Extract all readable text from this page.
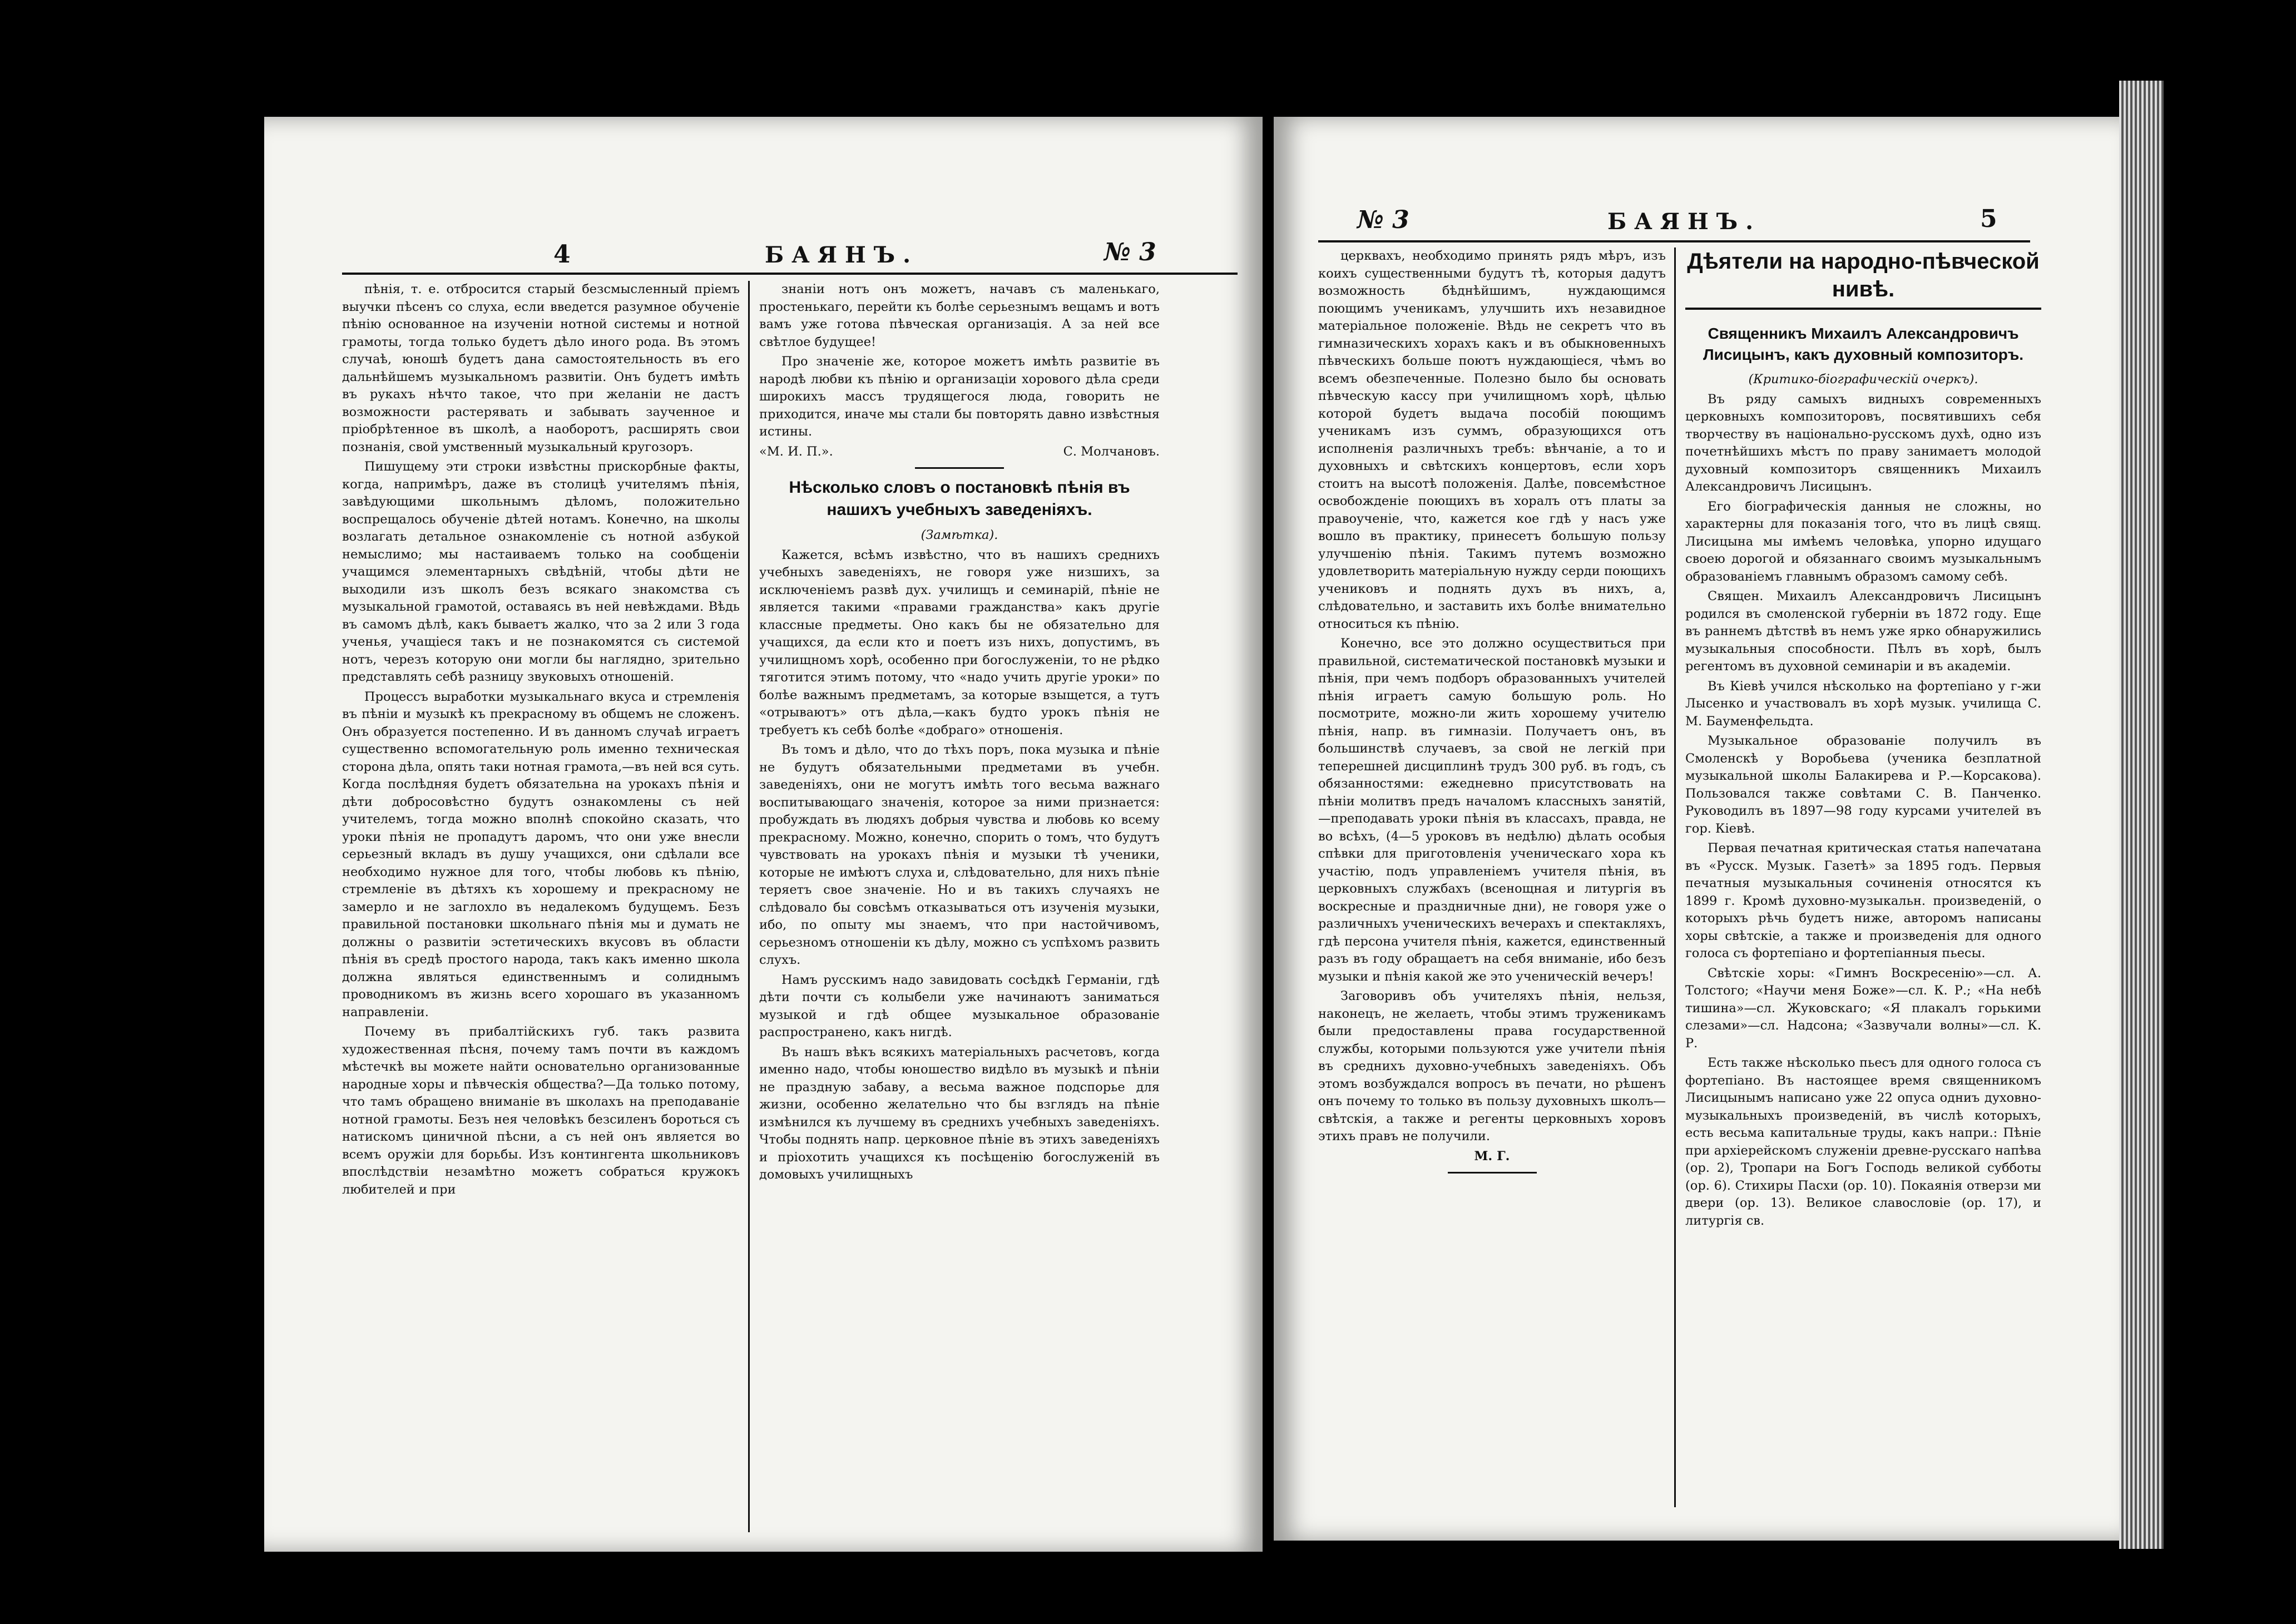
4	БАЯНЪ.	№ 3

пѣнія, т. е. отбросится старый безсмысленный пріемъ выучки пѣсенъ со слуха, если введется разумное обученіе пѣнію основанное на изученіи нотной системы и нотной грамоты, тогда только будетъ дѣло иного рода. Въ этомъ случаѣ, юношѣ будетъ дана самостоятельность въ его дальнѣйшемъ музыкальномъ развитіи. Онъ будетъ имѣть въ рукахъ нѣчто такое, что при желаніи не дастъ возможности растерявать и забывать заученное и пріобрѣтенное въ школѣ, а наоборотъ, расширять свои познанія, свой умственный музыкальный кругозоръ.

Пишущему эти строки извѣстны прискорбные факты, когда, напримѣръ, даже въ столицѣ учителямъ пѣнія, завѣдующими школьнымъ дѣломъ, положительно воспрещалось обученіе дѣтей нотамъ. Конечно, на школы возлагать детальное ознакомленіе съ нотной азбукой немыслимо; мы настаиваемъ только на сообщеніи учащимся элементарныхъ свѣдѣній, чтобы дѣти не выходили изъ школъ безъ всякаго знакомства съ музыкальной грамотой, оставаясь въ ней невѣждами. Вѣдь въ самомъ дѣлѣ, какъ бываетъ жалко, что за 2 или 3 года ученья, учащіеся такъ и не познакомятся съ системой нотъ, черезъ которую они могли бы наглядно, зрительно представлять себѣ разницу звуковыхъ отношеній.

Процессъ выработки музыкальнаго вкуса и стремленія въ пѣніи и музыкѣ къ прекрасному въ общемъ не сложенъ. Онъ образуется постепенно. И въ данномъ случаѣ играетъ существенно вспомогательную роль именно техническая сторона дѣла, опять таки нотная грамота,—въ ней вся суть. Когда послѣдняя будетъ обязательна на урокахъ пѣнія и дѣти добросовѣстно будутъ ознакомлены съ ней учителемъ, тогда можно вполнѣ спокойно сказать, что уроки пѣнія не пропадутъ даромъ, что они уже внесли серьезный вкладъ въ душу учащихся, они сдѣлали все необходимо нужное для того, чтобы любовь къ пѣнію, стремленіе въ дѣтяхъ къ хорошему и прекрасному не замерло и не заглохло въ недалекомъ будущемъ. Безъ правильной постановки школьнаго пѣнія мы и думать не должны о развитіи эстетическихъ вкусовъ въ области пѣнія въ средѣ простого народа, такъ какъ именно школа должна являться единственнымъ и солиднымъ проводникомъ въ жизнь всего хорошаго въ указанномъ направленіи.

Почему въ прибалтійскихъ губ. такъ развита художественная пѣсня, почему тамъ почти въ каждомъ мѣстечкѣ вы можете найти основательно организованные народные хоры и пѣвческія общества?—Да только потому, что тамъ обращено вниманіе въ школахъ на преподаваніе нотной грамоты. Безъ нея человѣкъ безсиленъ бороться съ натискомъ циничной пѣсни, а съ ней онъ является во всемъ оружіи для борьбы. Изъ контингента школьниковъ впослѣдствіи незамѣтно можетъ собраться кружокъ любителей и при

знаніи нотъ онъ можетъ, начавъ съ маленькаго, простенькаго, перейти къ болѣе серьезнымъ вещамъ и вотъ вамъ уже готова пѣвческая организація. А за ней все свѣтлое будущее!

Про значеніе же, которое можетъ имѣть развитіе въ народѣ любви къ пѣнію и организаціи хорового дѣла среди широкихъ массъ трудящегося люда, говорить не приходится, иначе мы стали бы повторять давно извѣстныя истины.

«М. И. П.».	С. Молчановъ.

Нѣсколько словъ о постановкѣ пѣнія въ нашихъ учебныхъ заведеніяхъ.

(Замѣтка).

Кажется, всѣмъ извѣстно, что въ нашихъ среднихъ учебныхъ заведеніяхъ, не говоря уже низшихъ, за исключеніемъ развѣ дух. училищъ и семинарій, пѣніе не является такими «правами гражданства» какъ другіе классные предметы. Оно какъ бы не обязательно для учащихся, да если кто и поетъ изъ нихъ, допустимъ, въ училищномъ хорѣ, особенно при богослуженіи, то не рѣдко тяготится этимъ потому, что «надо учить другіе уроки» по болѣе важнымъ предметамъ, за которые взыщется, а тутъ «отрываютъ» отъ дѣла,—какъ будто урокъ пѣнія не требуетъ къ себѣ болѣе «добраго» отношенія.

Въ томъ и дѣло, что до тѣхъ поръ, пока музыка и пѣніе не будутъ обязательными предметами въ учебн. заведеніяхъ, они не могутъ имѣть того весьма важнаго воспитывающаго значенія, которое за ними признается: пробуждать въ людяхъ добрыя чувства и любовь ко всему прекрасному. Можно, конечно, спорить о томъ, что будутъ чувствовать на урокахъ пѣнія и музыки тѣ ученики, которые не имѣютъ слуха и, слѣдовательно, для нихъ пѣніе теряетъ свое значеніе. Но и въ такихъ случаяхъ не слѣдовало бы совсѣмъ отказываться отъ изученія музыки, ибо, по опыту мы знаемъ, что при настойчивомъ, серьезномъ отношеніи къ дѣлу, можно съ успѣхомъ развить слухъ.

Намъ русскимъ надо завидовать сосѣдкѣ Германіи, гдѣ дѣти почти съ колыбели уже начинаютъ заниматься музыкой и гдѣ общее музыкальное образованіе распространено, какъ нигдѣ.

Въ нашъ вѣкъ всякихъ матеріальныхъ расчетовъ, когда именно надо, чтобы юношество видѣло въ музыкѣ и пѣніи не праздную забаву, а весьма важное подспорье для жизни, особенно желательно что бы взглядъ на пѣніе измѣнился къ лучшему въ среднихъ учебныхъ заведеніяхъ. Чтобы поднять напр. церковное пѣніе въ этихъ заведеніяхъ и пріохотить учащихся къ посѣщенію богослуженій въ домовыхъ училищныхъ

№ 3	БАЯНЪ.	5

церквахъ, необходимо принять рядъ мѣръ, изъ коихъ существенными будутъ тѣ, которыя дадутъ возможность бѣднѣйшимъ, нуждающимся поющимъ ученикамъ, улучшить ихъ незавидное матеріальное положеніе. Вѣдь не секретъ что въ гимназическихъ хорахъ какъ и въ обыкновенныхъ пѣвческихъ больше поютъ нуждающіеся, чѣмъ во всемъ обезпеченные. Полезно было бы основать пѣвческую кассу при училищномъ хорѣ, цѣлью которой будетъ выдача пособій поющимъ ученикамъ изъ суммъ, образующихся отъ исполненія различныхъ требъ: вѣнчаніе, а то и духовныхъ и свѣтскихъ концертовъ, если хоръ стоитъ на высотѣ положенія. Далѣе, повсемѣстное освобожденіе поющихъ въ хоралъ отъ платы за правоученіе, что, кажется кое гдѣ у насъ уже вошло въ практику, принесетъ большую пользу улучшенію пѣнія. Такимъ путемъ возможно удовлетворить матеріальную нужду серди поющихъ учениковъ и поднять духъ въ нихъ, а, слѣдовательно, и заставить ихъ болѣе внимательно относиться къ пѣнію.

Конечно, все это должно осуществиться при правильной, систематической постановкѣ музыки и пѣнія, при чемъ подборъ образованныхъ учителей пѣнія играетъ самую большую роль. Но посмотрите, можно-ли жить хорошему учителю пѣнія, напр. въ гимназіи. Получаетъ онъ, въ большинствѣ случаевъ, за свой не легкій при теперешней дисциплинѣ трудъ 300 руб. въ годъ, съ обязанностями: ежедневно присутствовать на пѣніи молитвъ предъ началомъ классныхъ занятій,—преподавать уроки пѣнія въ классахъ, правда, не во всѣхъ, (4—5 уроковъ въ недѣлю) дѣлать особыя спѣвки для приготовленія ученическаго хора къ участію, подъ управленіемъ учителя пѣнія, въ церковныхъ службахъ (всенощная и литургія въ воскресные и праздничные дни), не говоря уже о различныхъ ученическихъ вечерахъ и спектакляхъ, гдѣ персона учителя пѣнія, кажется, единственный разъ въ году обращаетъ на себя вниманіе, ибо безъ музыки и пѣнія какой же это ученическій вечеръ!

Заговоривъ объ учителяхъ пѣнія, нельзя, наконецъ, не желаеть, чтобы этимъ труженикамъ были предоставлены права государственной службы, которыми пользуются уже учители пѣнія въ среднихъ духовно-учебныхъ заведеніяхъ. Объ этомъ возбуждался вопросъ въ печати, но рѣшенъ онъ почему то только въ пользу духовныхъ школъ—свѣтскія, а также и регенты церковныхъ хоровъ этихъ правъ не получили.

М. Г.

Дѣятели на народно-пѣвческой нивѣ.

Священникъ Михаилъ Александровичъ Лисицынъ, какъ духовный композиторъ.

(Критико-біографическій очеркъ).

Въ ряду самыхъ видныхъ современныхъ церковныхъ композиторовъ, посвятившихъ себя творчеству въ національно-русскомъ духѣ, одно изъ почетнѣйшихъ мѣстъ по праву занимаетъ молодой духовный композиторъ священникъ Михаилъ Александровичъ Лисицынъ.

Его біографическія данныя не сложны, но характерны для показанія того, что въ лицѣ свящ. Лисицына мы имѣемъ человѣка, упорно идущаго своею дорогой и обязаннаго своимъ музыкальнымъ образованіемъ главнымъ образомъ самому себѣ.

Священ. Михаилъ Александровичъ Лисицынъ родился въ смоленской губерніи въ 1872 году. Еще въ раннемъ дѣтствѣ въ немъ уже ярко обнаружились музыкальныя способности. Пѣлъ въ хорѣ, былъ регентомъ въ духовной семинаріи и въ академіи.

Въ Кіевѣ учился нѣсколько на фортепіано у г-жи Лысенко и участвовалъ въ хорѣ музык. училища С. М. Бауменфельдта.

Музыкальное образованіе получилъ въ Смоленскѣ у Воробьева (ученика безплатной музыкальной школы Балакирева и Р.—Корсакова). Пользовался также совѣтами С. В. Панченко. Руководилъ въ 1897—98 году курсами учителей въ гор. Кіевѣ.

Первая печатная критическая статья напечатана въ «Русск. Музык. Газетѣ» за 1895 годъ. Первыя печатныя музыкальныя сочиненія относятся къ 1899 г. Кромѣ духовно-музыкальн. произведеній, о которыхъ рѣчь будетъ ниже, авторомъ написаны хоры свѣтскіе, а также и произведенія для одного голоса съ фортепіано и фортепіанныя пьесы.

Свѣтскіе хоры: «Гимнъ Воскресенію»—сл. А. Толстого; «Научи меня Боже»—сл. К. Р.; «На небѣ тишина»—сл. Жуковскаго; «Я плакалъ горькими слезами»—сл. Надсона; «Зазвучали волны»—сл. К. Р.

Есть также нѣсколько пьесъ для одного голоса съ фортепіано. Въ настоящее время священникомъ Лисицынымъ написано уже 22 опуса одниъ духовно-музыкальныхъ произведеній, въ числѣ которыхъ, есть весьма капитальные труды, какъ напри.: Пѣніе при архіерейскомъ служеніи древне-русскаго напѣва (ор. 2), Тропари на Богъ Господь великой субботы (ор. 6). Стихиры Пасхи (ор. 10). Покаянія отверзи ми двери (ор. 13). Великое славословіе (ор. 17), и литургія св.
